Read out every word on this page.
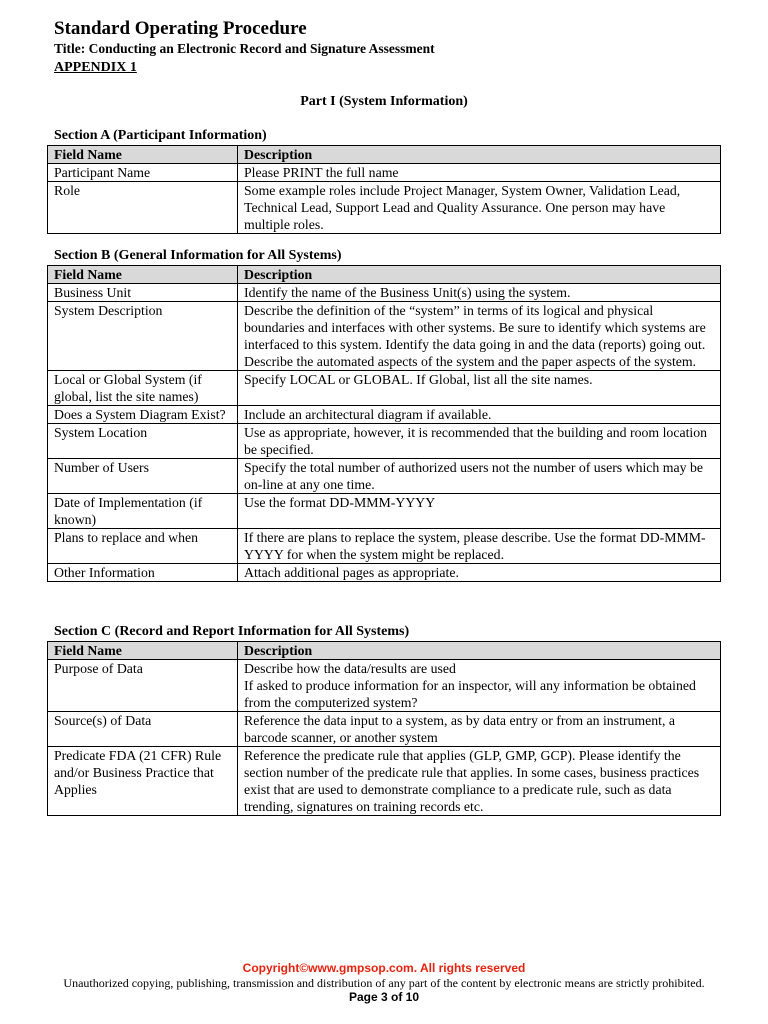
Standard Operating Procedure
Title: Conducting an Electronic Record and Signature Assessment
APPENDIX 1
Part I (System Information)
Section A (Participant Information)
Field Name	Description
Participant Name	Please PRINT the full name
Role	Some example roles include Project Manager, System Owner, Validation Lead, Technical Lead, Support Lead and Quality Assurance. One person may have multiple roles.
Section B (General Information for All Systems)
Field Name	Description
Business Unit	Identify the name of the Business Unit(s) using the system.
System Description	Describe the definition of the “system” in terms of its logical and physical boundaries and interfaces with other systems. Be sure to identify which systems are interfaced to this system. Identify the data going in and the data (reports) going out. Describe the automated aspects of the system and the paper aspects of the system.
Local or Global System (if global, list the site names)	Specify LOCAL or GLOBAL. If Global, list all the site names.
Does a System Diagram Exist?	Include an architectural diagram if available.
System Location	Use as appropriate, however, it is recommended that the building and room location be specified.
Number of Users	Specify the total number of authorized users not the number of users which may be on-line at any one time.
Date of Implementation (if known)	Use the format DD-MMM-YYYY
Plans to replace and when	If there are plans to replace the system, please describe. Use the format DD-MMM-YYYY for when the system might be replaced.
Other Information	Attach additional pages as appropriate.
Section C (Record and Report Information for All Systems)
Field Name	Description
Purpose of Data	Describe how the data/results are used
If asked to produce information for an inspector, will any information be obtained from the computerized system?

Source(s) of Data	Reference the data input to a system, as by data entry or from an instrument, a barcode scanner, or another system
Predicate FDA (21 CFR) Rule and/or Business Practice that Applies	Reference the predicate rule that applies (GLP, GMP, GCP). Please identify the section number of the predicate rule that applies. In some cases, business practices exist that are used to demonstrate compliance to a predicate rule, such as data trending, signatures on training records etc.
Copyright©www.gmpsop.com. All rights reserved
Unauthorized copying, publishing, transmission and distribution of any part of the content by electronic means are strictly prohibited. Page 3 of 10
